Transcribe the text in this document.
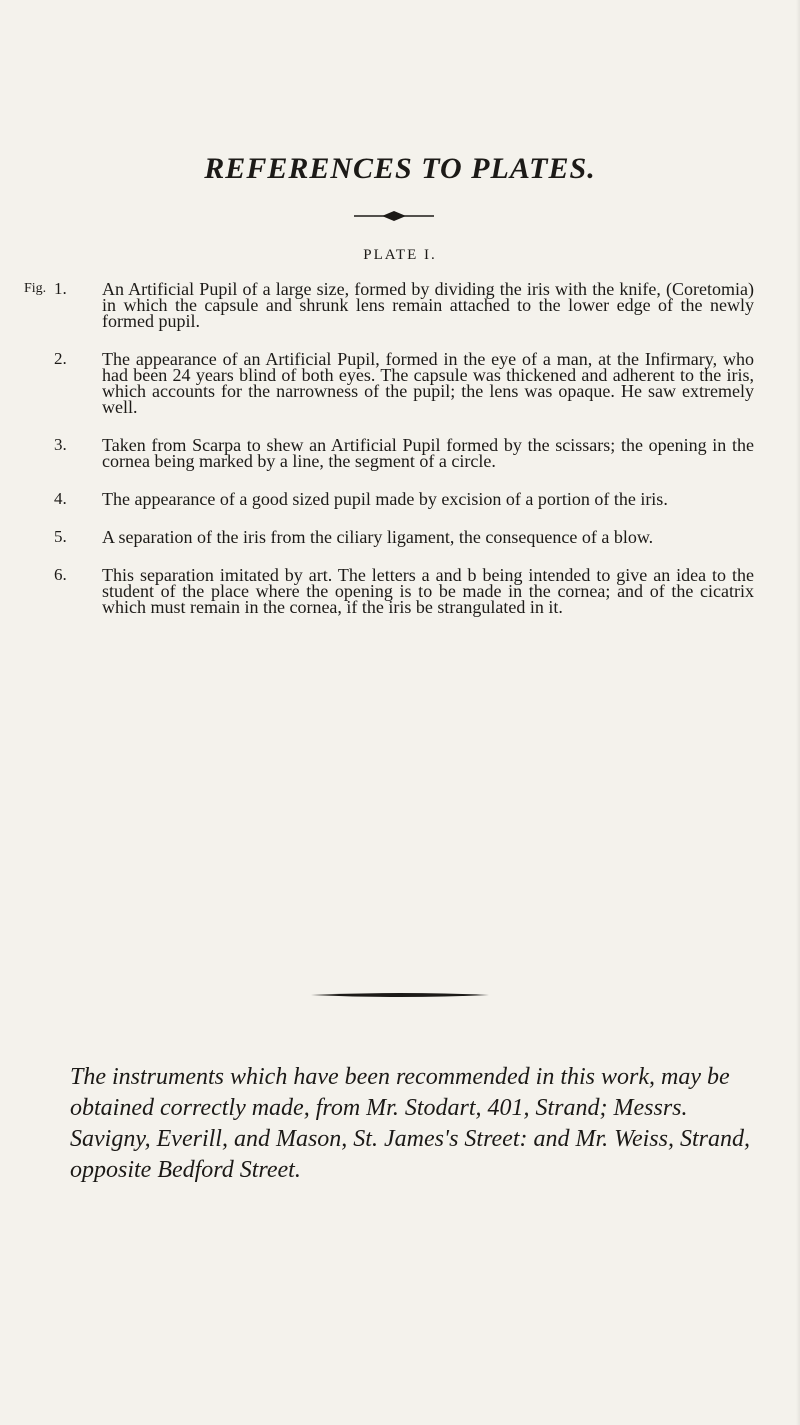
REFERENCES TO PLATES.
PLATE I.
Fig. 1.	An Artificial Pupil of a large size, formed by dividing the iris with the knife, (Coretomia) in which the capsule and shrunk lens remain attached to the lower edge of the newly formed pupil.
2.	The appearance of an Artificial Pupil, formed in the eye of a man, at the Infirmary, who had been 24 years blind of both eyes. The capsule was thickened and adherent to the iris, which accounts for the narrowness of the pupil; the lens was opaque. He saw extremely well.
3.	Taken from Scarpa to shew an Artificial Pupil formed by the scissars; the opening in the cornea being marked by a line, the segment of a circle.
4.	The appearance of a good sized pupil made by excision of a portion of the iris.
5.	A separation of the iris from the ciliary ligament, the consequence of a blow.
6.	This separation imitated by art. The letters a and b being intended to give an idea to the student of the place where the opening is to be made in the cornea; and of the cicatrix which must remain in the cornea, if the iris be strangulated in it.
The instruments which have been recommended in this work, may be obtained correctly made, from Mr. Stodart, 401, Strand; Messrs. Savigny, Everill, and Mason, St. James's Street: and Mr. Weiss, Strand, opposite Bedford Street.
